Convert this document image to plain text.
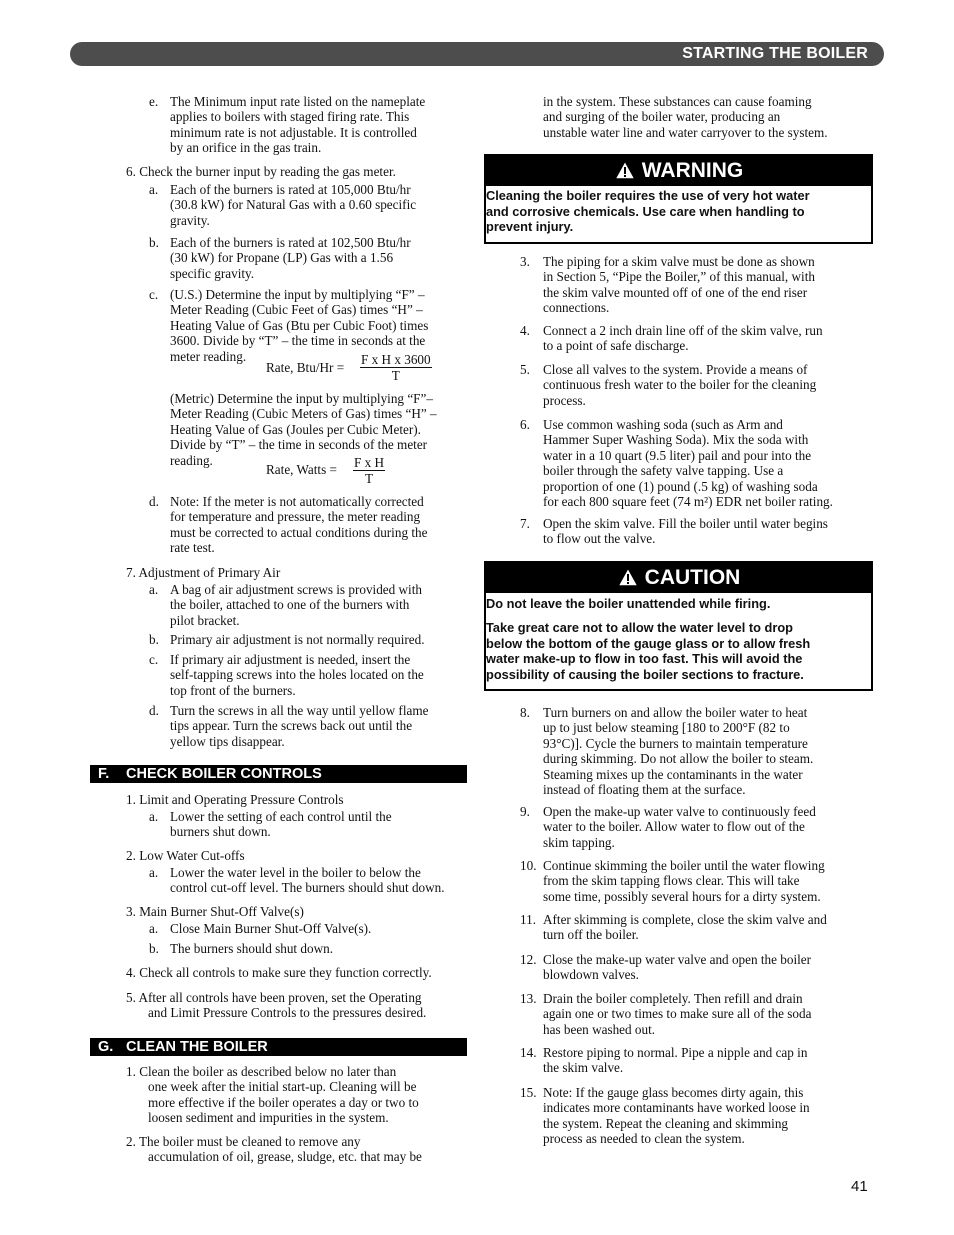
STARTING THE BOILER
e. The Minimum input rate listed on the nameplate
applies to boilers with staged firing rate. This
minimum rate is not adjustable. It is controlled
by an orifice in the gas train.
6. Check the burner input by reading the gas meter.
a. Each of the burners is rated at 105,000 Btu/hr
(30.8 kW) for Natural Gas with a 0.60 specific
gravity.
b. Each of the burners is rated at 102,500 Btu/hr
(30 kW) for Propane (LP) Gas with a 1.56
specific gravity.
c. (U.S.) Determine the input by multiplying “F” –
Meter Reading (Cubic Feet of Gas) times “H” –
Heating Value of Gas (Btu per Cubic Foot) times
3600. Divide by “T” – the time in seconds at the
meter reading.
Rate, $Btu/Hr = \frac{\text{F x H x 3600}}{T}$
(Metric) Determine the input by multiplying “F”–
Meter Reading (Cubic Meters of Gas) times “H” –
Heating Value of Gas (Joules per Cubic Meter).
Divide by “T” – the time in seconds of the meter
reading.
Rate, Watts = $\frac{\text{F x H}}{T}$
d. Note: If the meter is not automatically corrected
for temperature and pressure, the meter reading
must be corrected to actual conditions during the
rate test.
7. Adjustment of Primary Air
a. A bag of air adjustment screws is provided with
the boiler, attached to one of the burners with
pilot bracket.
b. Primary air adjustment is not normally required.
c. If primary air adjustment is needed, insert the
self-tapping screws into the holes located on the
top front of the burners.
d. Turn the screws in all the way until yellow flame
tips appear. Turn the screws back out until the
yellow tips disappear.
F. CHECK BOILER CONTROLS
1. Limit and Operating Pressure Controls
a. Lower the setting of each control until the
burners shut down.
2. Low Water Cut-offs
a. Lower the water level in the boiler to below the
control cut-off level. The burners should shut down.
3. Main Burner Shut-Off Valve(s)
a. Close Main Burner Shut-Off Valve(s).
b. The burners should shut down.
4. Check all controls to make sure they function correctly.
5. After all controls have been proven, set the Operating
and Limit Pressure Controls to the pressures desired.
G. CLEAN THE BOILER
1. Clean the boiler as described below no later than
one week after the initial start-up. Cleaning will be
more effective if the boiler operates a day or two to
loosen sediment and impurities in the system.
2. The boiler must be cleaned to remove any
accumulation of oil, grease, sludge, etc. that may be
in the system. These substances can cause foaming
and surging of the boiler water, producing an
unstable water line and water carryover to the system.
WARNING
Cleaning the boiler requires the use of very hot water
and corrosive chemicals. Use care when handling to
prevent injury.
3. The piping for a skim valve must be done as shown
in Section 5, “Pipe the Boiler,” of this manual, with
the skim valve mounted off of one of the end riser
connections.
4. Connect a 2 inch drain line off of the skim valve, run
to a point of safe discharge.
5. Close all valves to the system. Provide a means of
continuous fresh water to the boiler for the cleaning
process.
6. Use common washing soda (such as Arm and
Hammer Super Washing Soda). Mix the soda with
water in a 10 quart (9.5 liter) pail and pour into the
boiler through the safety valve tapping. Use a
proportion of one (1) pound (.5 kg) of washing soda
for each 800 square feet (74 m²) EDR net boiler rating.
7. Open the skim valve. Fill the boiler until water begins
to flow out the valve.
CAUTION
Do not leave the boiler unattended while firing.
Take great care not to allow the water level to drop
below the bottom of the gauge glass or to allow fresh
water make-up to flow in too fast. This will avoid the
possibility of causing the boiler sections to fracture.
8. Turn burners on and allow the boiler water to heat
up to just below steaming [180 to 200°F (82 to
93°C)]. Cycle the burners to maintain temperature
during skimming. Do not allow the boiler to steam.
Steaming mixes up the contaminants in the water
instead of floating them at the surface.
9. Open the make-up water valve to continuously feed
water to the boiler. Allow water to flow out of the
skim tapping.
10. Continue skimming the boiler until the water flowing
from the skim tapping flows clear. This will take
some time, possibly several hours for a dirty system.
11. After skimming is complete, close the skim valve and
turn off the boiler.
12. Close the make-up water valve and open the boiler
blowdown valves.
13. Drain the boiler completely. Then refill and drain
again one or two times to make sure all of the soda
has been washed out.
14. Restore piping to normal. Pipe a nipple and cap in
the skim valve.
15. Note: If the gauge glass becomes dirty again, this
indicates more contaminants have worked loose in
the system. Repeat the cleaning and skimming
process as needed to clean the system.
41
